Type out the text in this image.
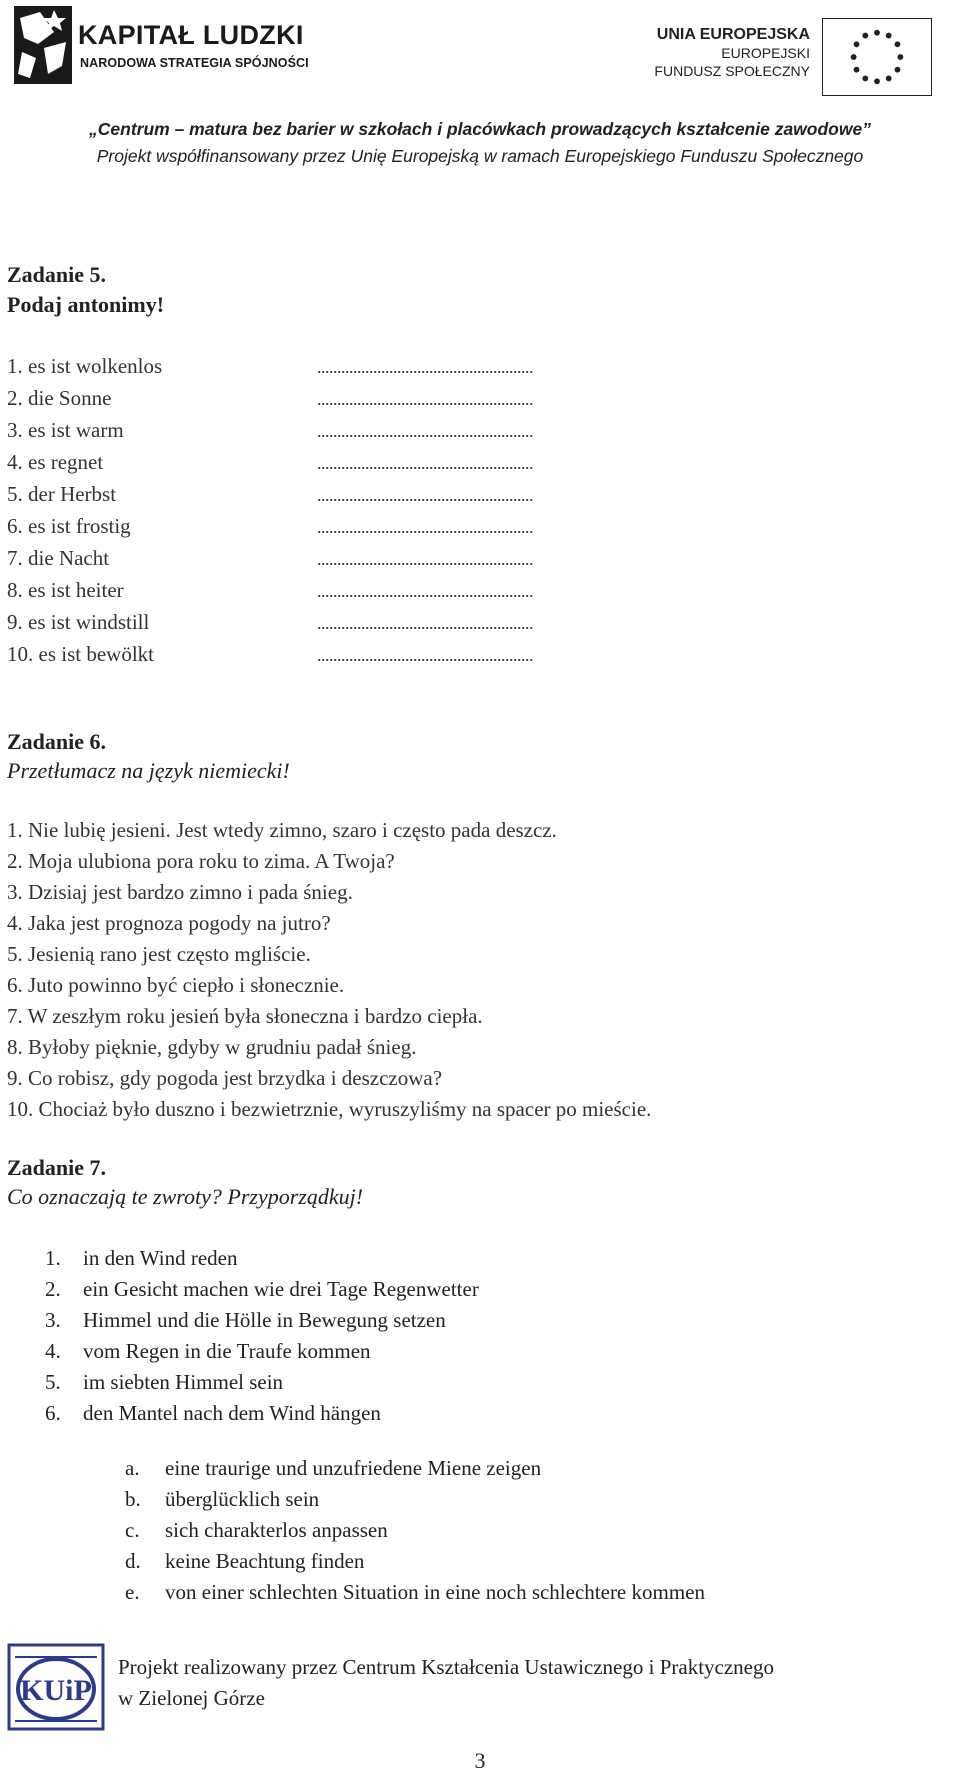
KAPITAŁ LUDZKI
NARODOWA STRATEGIA SPÓJNOŚCI
UNIA EUROPEJSKA
EUROPEJSKI
FUNDUSZ SPOŁECZNY
„Centrum – matura bez barier w szkołach i placówkach prowadzących kształcenie zawodowe”
Projekt współfinansowany przez Unię Europejską w ramach Europejskiego Funduszu Społecznego
Zadanie 5.
Podaj antonimy!
1. es ist wolkenlos	......................................................
2. die Sonne	......................................................
3. es ist warm	......................................................
4. es regnet	......................................................
5. der Herbst	......................................................
6. es ist frostig	......................................................
7. die Nacht	......................................................
8. es ist heiter	......................................................
9. es ist windstill	......................................................
10. es ist bewölkt	......................................................
Zadanie 6.
Przetłumacz na język niemiecki!
1. Nie lubię jesieni. Jest wtedy zimno, szaro i często pada deszcz.
2. Moja ulubiona pora roku to zima. A Twoja?
3. Dzisiaj jest bardzo zimno i pada śnieg.
4. Jaka jest prognoza pogody na jutro?
5. Jesienią rano jest często mgliście.
6. Juto powinno być ciepło i słonecznie.
7. W zeszłym roku jesień była słoneczna i bardzo ciepła.
8. Byłoby pięknie, gdyby w grudniu padał śnieg.
9. Co robisz, gdy pogoda jest brzydka i deszczowa?
10. Chociaż było duszno i bezwietrznie, wyruszyliśmy na spacer po mieście.
Zadanie 7.
Co oznaczają te zwroty? Przyporządkuj!
1. in den Wind reden
2. ein Gesicht machen wie drei Tage Regenwetter
3. Himmel und die Hölle in Bewegung setzen
4. vom Regen in die Traufe kommen
5. im siebten Himmel sein
6. den Mantel nach dem Wind hängen
a. eine traurige und unzufriedene Miene zeigen
b. überglücklich sein
c. sich charakterlos anpassen
d. keine Beachtung finden
e. von einer schlechten Situation in eine noch schlechtere kommen
KUiP
Projekt realizowany przez Centrum Kształcenia Ustawicznego i Praktycznego
w Zielonej Górze
3
